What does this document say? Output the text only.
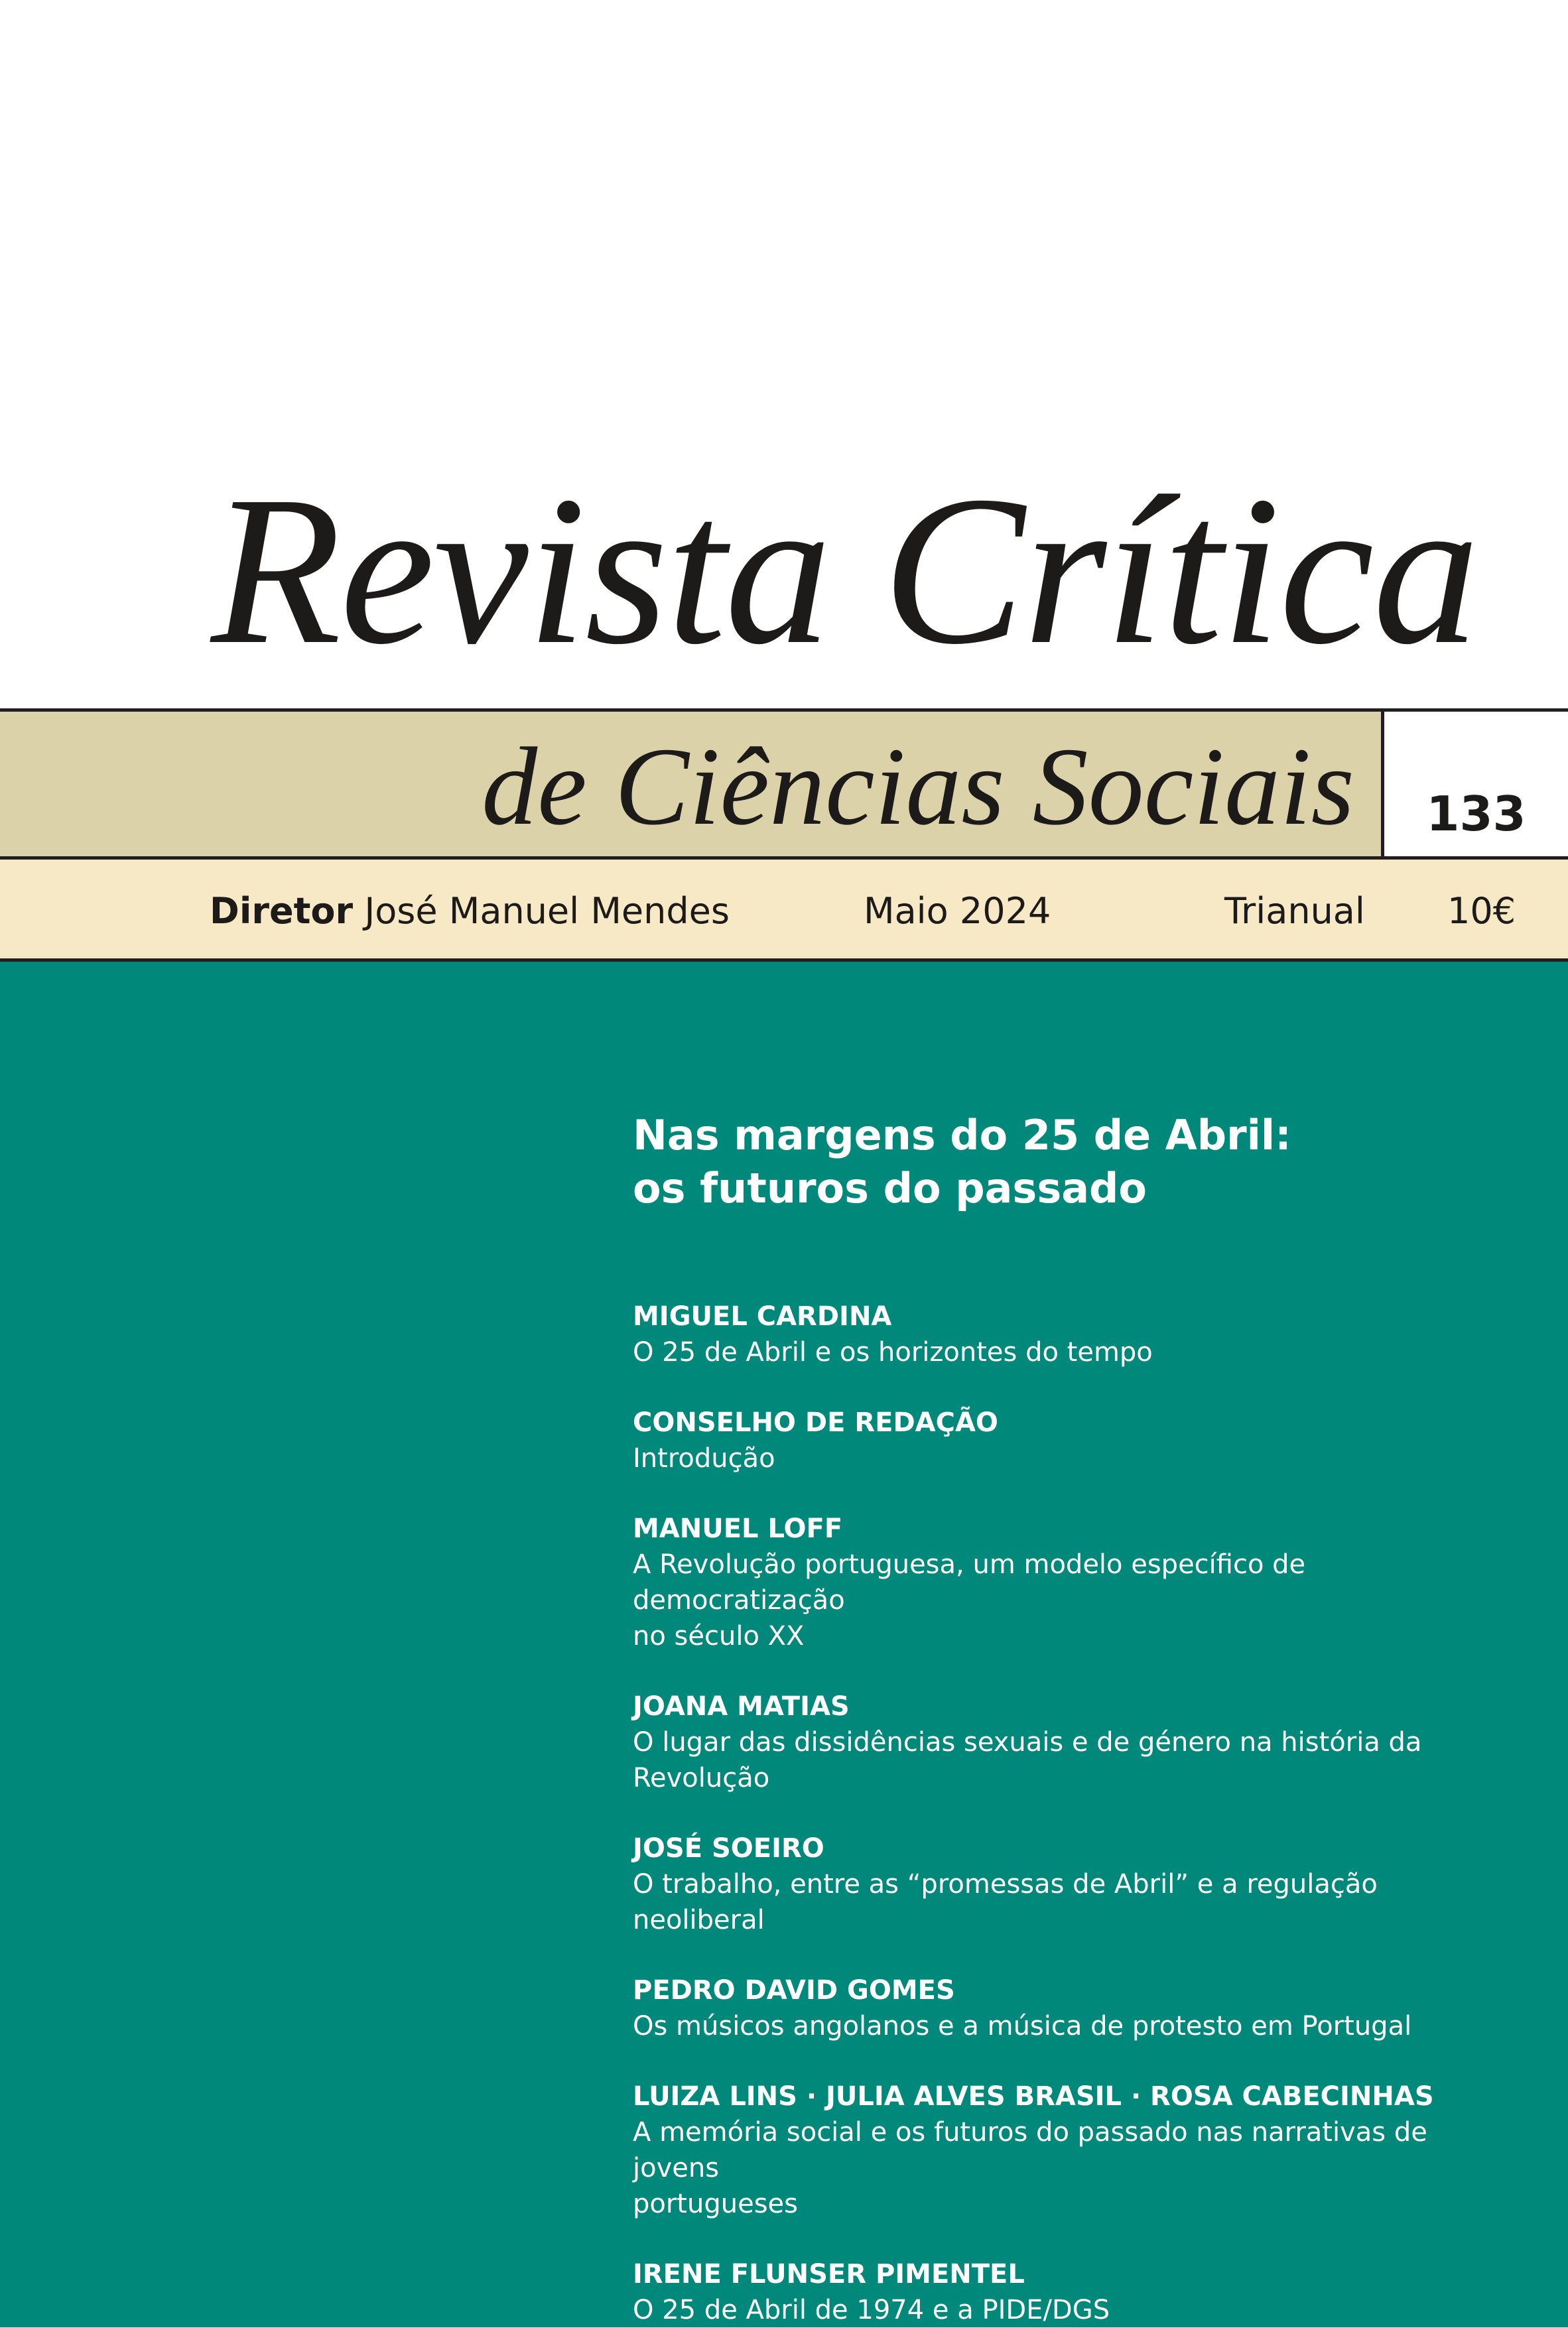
Revista Crítica
de Ciências Sociais	133
Diretor José Manuel Mendes	Maio 2024	Trianual 10€
Nas margens do 25 de Abril:
os futuros do passado
MIGUEL CARDINA
O 25 de Abril e os horizontes do tempo
CONSELHO DE REDAÇÃO
Introdução
MANUEL LOFF
A Revolução portuguesa, um modelo específico de democratização
no século XX
JOANA MATIAS
O lugar das dissidências sexuais e de género na história da Revolução
JOSÉ SOEIRO
O trabalho, entre as “promessas de Abril” e a regulação neoliberal
PEDRO DAVID GOMES
Os músicos angolanos e a música de protesto em Portugal
LUIZA LINS · JULIA ALVES BRASIL · ROSA CABECINHAS
A memória social e os futuros do passado nas narrativas de jovens
portugueses
IRENE FLUNSER PIMENTEL
O 25 de Abril de 1974 e a PIDE/DGS
